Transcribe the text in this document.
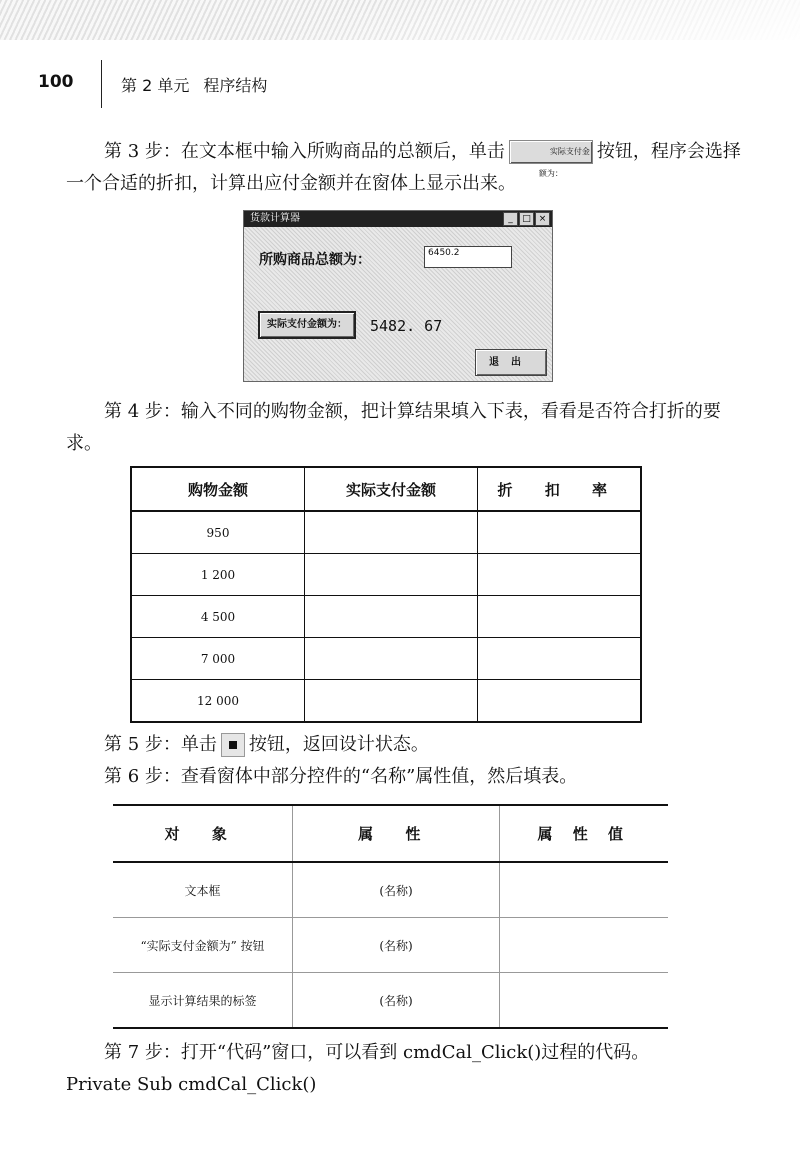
100	第 2 单元 程序结构
第 3 步：在文本框中输入所购商品的总额后，单击	实际支付金额为：按钮，程序会选择一个合适的折扣，计算出应付金额并在窗体上显示出来。
货款计算器	_	□ ×
所购商品总额为：	6450.2
实际支付金额为：	5482. 67
退出
第 4 步：输入不同的购物金额，把计算结果填入下表，看看是否符合打折的要求。
购物金额	实际支付金额	折 扣 率
950		
1 200		
4 500		
7 000		
12 000		
第 5 步：单击 按钮，返回设计状态。
第 6 步：查看窗体中部分控件的“名称”属性值，然后填表。
对 象	属 性	属 性 值
文本框	(名称)	
“实际支付金额为” 按钮	(名称)	
显示计算结果的标签	(名称)	
第 7 步：打开“代码”窗口，可以看到 cmdCal_Click()过程的代码。
Private Sub cmdCal_Click()
